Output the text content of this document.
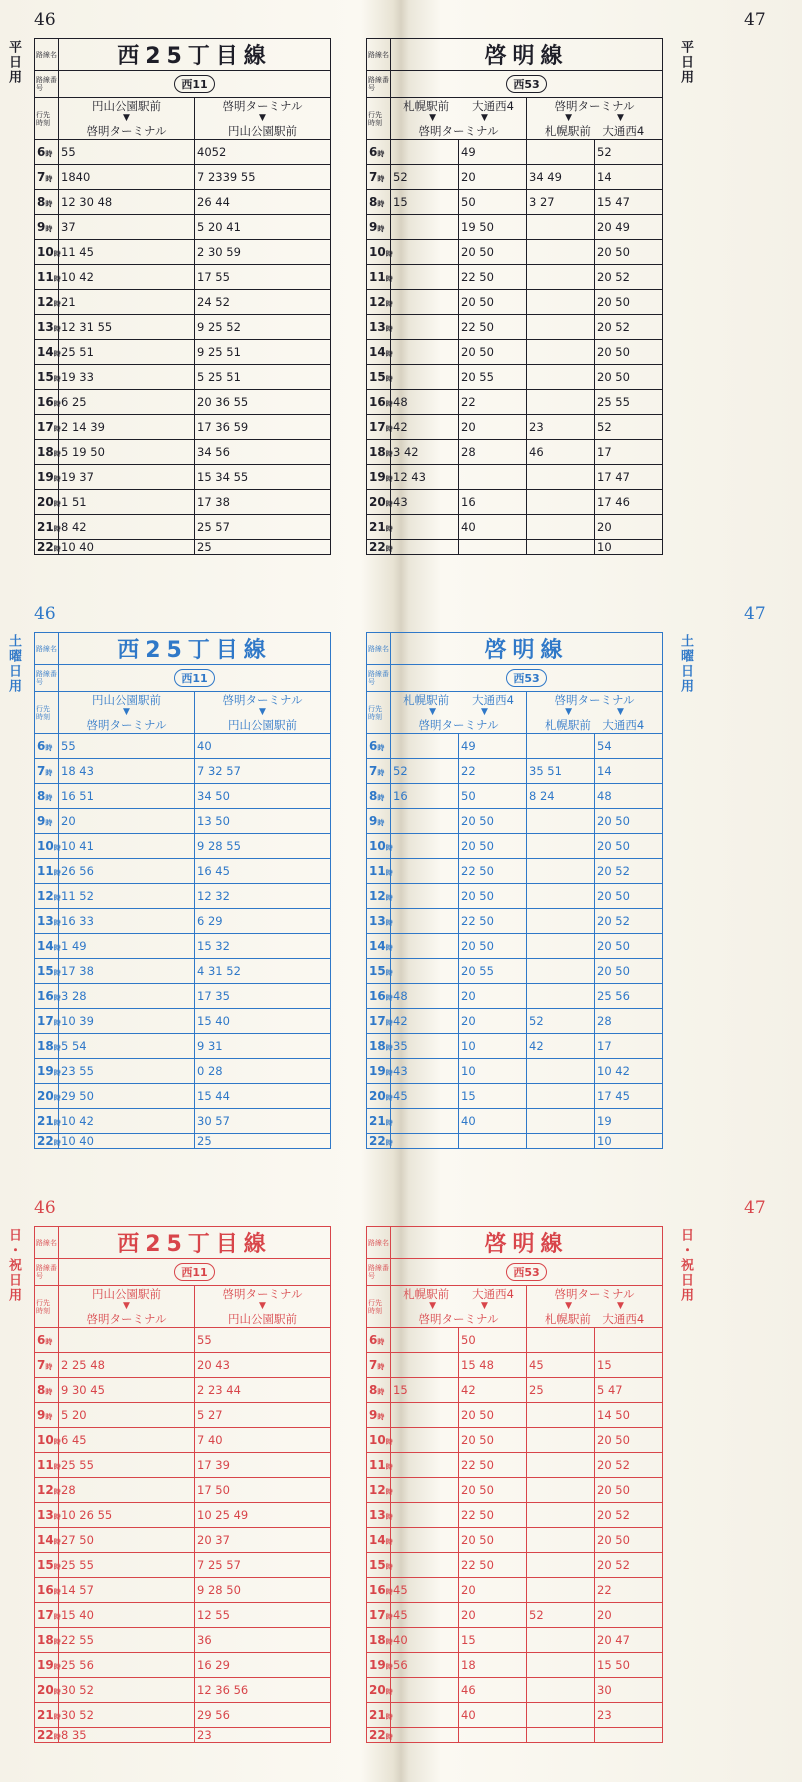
46	47
平日用	平日用
路線名	西25丁目線	
路線番号	西11	
行先 時刻	円山公園駅前
▼
啓明ターミナル	啓明ターミナル
▼
円山公園駅前

6時	55	4052
7時	1840	7 2339 55
8時	12 30 48	26 44
9時	37	5 20 41
10時	11 45	2 30 59
11時	10 42	17 55
12時	21	24 52
13時	12 31 55	9 25 52
14時	25 51	9 25 51
15時	19 33	5 25 51
16時	6 25	20 36 55
17時	2 14 39	17 36 59
18時	5 19 50	34 56
19時	19 37	15 34 55
20時	1 51	17 38
21時	8 42	25 57
22時	10 40	25
路線名	啓明線			
路線番号	西53			
行先 時刻	札幌駅前　　大通西4
▼　　　　　▼
啓明ターミナル		啓明ターミナル
▼　　　　　▼
札幌駅前　大通西4	

6時		49		52
7時	52	20	34 49	14
8時	15	50	3 27	15 47
9時		19 50		20 49
10時		20 50		20 50
11時		22 50		20 52
12時		20 50		20 50
13時		22 50		20 52
14時		20 50		20 50
15時		20 55		20 50
16時	48	22		25 55
17時	42	20	23	52
18時	3 42	28	46	17
19時	12 43			17 47
20時	43	16		17 46
21時		40		20
22時				10
46	47
土曜日用	土曜日用
路線名	西25丁目線	
路線番号	西11	
行先 時刻	円山公園駅前
▼
啓明ターミナル	啓明ターミナル
▼
円山公園駅前

6時	55	40
7時	18 43	7 32 57
8時	16 51	34 50
9時	20	13 50
10時	10 41	9 28 55
11時	26 56	16 45
12時	11 52	12 32
13時	16 33	6 29
14時	1 49	15 32
15時	17 38	4 31 52
16時	3 28	17 35
17時	10 39	15 40
18時	5 54	9 31
19時	23 55	0 28
20時	29 50	15 44
21時	10 42	30 57
22時	10 40	25
路線名	啓明線			
路線番号	西53			
行先 時刻	札幌駅前　　大通西4
▼　　　　　▼
啓明ターミナル		啓明ターミナル
▼　　　　　▼
札幌駅前　大通西4	

6時		49		54
7時	52	22	35 51	14
8時	16	50	8 24	48
9時		20 50		20 50
10時		20 50		20 50
11時		22 50		20 52
12時		20 50		20 50
13時		22 50		20 52
14時		20 50		20 50
15時		20 55		20 50
16時	48	20		25 56
17時	42	20	52	28
18時	35	10	42	17
19時	43	10		10 42
20時	45	15		17 45
21時		40		19
22時				10
46	47
日・祝日用
日・祝日用 路線名	西25丁目線	
路線番号	西11	
行先 時刻	円山公園駅前
▼
啓明ターミナル	啓明ターミナル
▼
円山公園駅前

6時		55
7時	2 25 48	20 43
8時	9 30 45	2 23 44
9時	5 20	5 27
10時	6 45	7 40
11時	25 55	17 39
12時	28	17 50
13時	10 26 55	10 25 49
14時	27 50	20 37
15時	25 55	7 25 57
16時	14 57	9 28 50
17時	15 40	12 55
18時	22 55	36
19時	25 56	16 29
20時	30 52	12 36 56
21時	30 52	29 56
22時	8 35	23
路線名	啓明線			
路線番号	西53			
行先 時刻	札幌駅前　　大通西4
▼　　　　　▼
啓明ターミナル		啓明ターミナル
▼　　　　　▼
札幌駅前　大通西4	

6時		50		
7時		15 48	45	15
8時	15	42	25	5 47
9時		20 50		14 50
10時		20 50		20 50
11時		22 50		20 52
12時		20 50		20 50
13時		22 50		20 52
14時		20 50		20 50
15時		22 50		20 52
16時	45	20		22
17時	45	20	52	20
18時	40	15		20 47
19時	56	18		15 50
20時		46		30
21時		40		23
22時				
